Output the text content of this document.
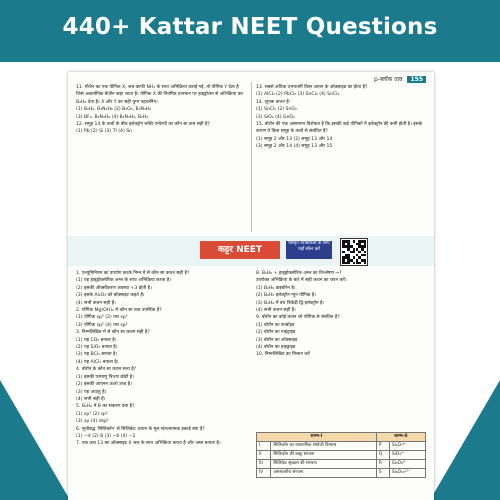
440+ Kattar NEET Questions
p-ब्लॉक तत्व 155

11. मीथेन का एक यौगिक X, जब काफी NH₃ के साथ अभिक्रिया कराई गई, तो यौगिक Y देता है जिसे अकार्बनिक बेंजीन कहा जाता है। यौगिक X की नियमित तापमान पर हाइड्रोजन से अभिक्रिया कर B₂H₆ देता है। X और Y का सही युग्म पहचानिए।

(1) B₂H₆, B₃N₃H₆ (2) B₂O₃, B₃N₃H₆

(3) BF₃, B₃N₃H₆ (4) B₃N₃H₆, B₂H₆

12. समूह 14 के तत्वों के बीच इलेक्ट्रॉन लब्धि एन्थैल्पी का कौन सा क्रम सही है?

(1) Pb (2) Si (3) Tl (4) Sn

13. सबसे अधिक उभयधर्मी किस आयन के ऑक्साइड का होता है?

(1) AlCl₃ (2) PbCl₂ (3) SnCl₄ (4) SnCl₂

14. सूचक कथन हैं:

(1) SnCl₂ (2) SnO₂

(3) SiO₂ (4) GeO₂

15. बोरॉन की एक असामान्य विशेषता है कि इसकी कई यौगिकों में इलेक्ट्रॉन की कमी होती है। इसके कारण ये किस समूह के तत्वों से संबंधित हैं?

(1) समूह 2 और 13 (2) समूह 13 और 14

(3) समूह 2 और 14 (4) समूह 13 और 15

कट्टर NEET
विस्तृत व्याख्याओं के लिए यहाँ स्कैन करें

1. एल्यूमिनियम का उपयोग करके निम्न में से कौन सा कथन सही है?

(1) यह हाइड्रोक्लोरिक अम्ल के साथ अभिक्रिया करता है।

(2) इसकी ऑक्सीकरण अवस्था +3 होती है।

(3) इसके Al₂O₃ को बॉक्साइट कहते हैं।

(4) सभी कथन सही हैं।

2. यौगिक Mg(OH)₂ में कौन सा तत्व उपस्थित है?

(1) यौगिक sp³ (2) तल sp³

(3) यौगिक sp² (4) तल sp²

3. निम्नलिखित में से कौन सा कथन सही है?

(1) यह CO₂ बनाता है।

(2) यह SiO₂ बनाता है।

(3) यह BCl₃ बनाता है।

(4) यह AlCl₃ बनाता है।

4. बोरॉन के कौन सा कथन सत्य है?

(1) इसकी परमाणु त्रिज्या छोटी है।

(2) इसकी आयनन ऊर्जा उच्च है।

(3) यह अधातु है।

(4) सभी सही हैं।

5. B₂H₆ में B का संकरण क्या है?

(1) sp³ (2) sp²

(3) sp (4) dsp²

6. सूचीबद्ध 'सिलिकॉन' से सिलिकेट आयन के मूल संरचनात्मक इकाई क्या है?

(1) −4 (2) 8 (3) −6 (4) −2

7. एक तत्व 13 का ऑक्साइड X जल के साथ अभिक्रिया करता है और अम्ल बनाता है।

8. B₂H₆ + हाइड्रोक्लोरिक अम्ल का विश्लेषण →?

उपरोक्त अभिक्रिया के बारे में सही कथन का चयन करें।

(1) B₂H₆ डाइबोरेन है।

(2) B₂H₆ इलेक्ट्रॉन न्यून यौगिक है।

(3) B₂H₆ में बंध त्रिकेंद्री द्वि-इलेक्ट्रॉन है।

(4) सभी कथन सही हैं।

9. बोरॉन का कोई कथन जो यौगिक से संबंधित है?

(1) बोरॉन का कार्बाइड

(2) बोरॉन का नाइट्राइड

(3) बोरॉन का ऑक्साइड

(4) बोरॉन का हाइड्राइड

10. निम्नलिखित का मिलान करें

स्तम्भ-I		स्तम्भ-II	
I	सिलिकॉन का रासायनिक संयोजी विन्यास	P	Si₂O₇⁶⁻
II	सिलिकॉन की बाह्य संरचना	Q	SiO₄⁴⁻
III	सिलिकेट श्रृंखला की संरचना	R	Si₃O₉⁶⁻
IV	असमतलीय संरचना	S	Si₆O₁₈¹²⁻
